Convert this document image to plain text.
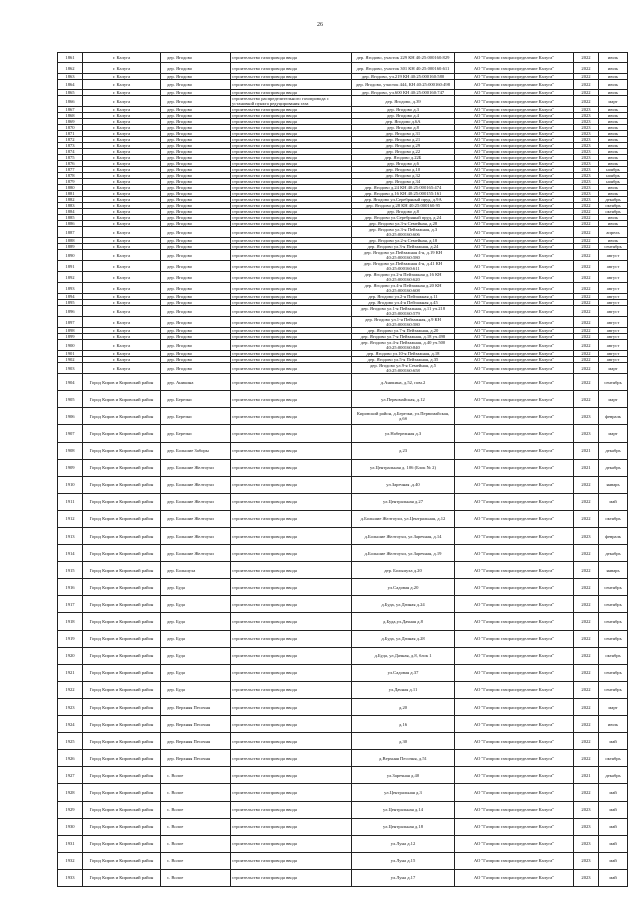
26
1861	г. Калуга	дер. Ягодово	строительство газопровода ввода	дер. Ягодово, участок 229 КН 40:25:000160:829	АО "Газпром газораспределение Калуга"	2022	июль
1862	г. Калуга	дер. Ягодово	строительство газопровода ввода	дер. Ягодово, участок 301 КН 40:25:000160:611	АО "Газпром газораспределение Калуга"	2022	июль
1863	г. Калуга	дер. Ягодово	строительство газопровода ввода	дер. Ягодово, уч.219 КН 40:25:000160:580	АО "Газпром газораспределение Калуга"	2022	июль
1864	г. Калуга	дер. Ягодово	строительство газопровода ввода	дер. Ягодово, участок 444, КН 40:25:000160:498	АО "Газпром газораспределение Калуга"	2022	июль
1865	г. Калуга	дер. Ягодово	строительство газопровода ввода	дер. Ягодово, уч.600 КН 40:25:000160:747	АО "Газпром газораспределение Калуга"	2022	июль
1866	г. Калуга	дер. Ягодово	строительство распределительного газопровода с установкой пункта редуцирования газа	дер. Ягодово, д.39	АО "Газпром газораспределение Калуга"	2022	март
1867	г. Калуга	дер. Ягодово	строительство газопровода ввода	дер. Ягодово д.3	АО "Газпром газораспределение Калуга"	2023	июль
1868	г. Калуга	дер. Ягодово	строительство газопровода ввода	дер. Ягодово д.4	АО "Газпром газораспределение Калуга"	2023	июль
1869	г. Калуга	дер. Ягодово	строительство газопровода ввода	дер. Ягодово д.6А	АО "Газпром газораспределение Калуга"	2023	июль
1870	г. Калуга	дер. Ягодово	строительство газопровода ввода	дер. Ягодово д.8	АО "Газпром газораспределение Калуга"	2023	июль
1871	г. Калуга	дер. Ягодово	строительство газопровода ввода	дер. Ягодово д.31	АО "Газпром газораспределение Калуга"	2023	июль
1872	г. Калуга	дер. Ягодово	строительство газопровода ввода	дер. Ягодово д.21	АО "Газпром газораспределение Калуга"	2023	июль
1873	г. Калуга	дер. Ягодово	строительство газопровода ввода	дер. Ягодово д.29	АО "Газпром газораспределение Калуга"	2023	июль
1874	г. Калуга	дер. Ягодово	строительство газопровода ввода	дер. Ягодово д.22	АО "Газпром газораспределение Калуга"	2023	июль
1875	г. Калуга	дер. Ягодово	строительство газопровода ввода	дер. Ягодово д.22Б	АО "Газпром газораспределение Калуга"	2023	июль
1876	г. Калуга	дер. Ягодово	строительство газопровода ввода	дер. Ягодово д.6	АО "Газпром газораспределение Калуга"	2023	июль
1877	г. Калуга	дер. Ягодово	строительство газопровода ввода	дер. Ягодово д.10	АО "Газпром газораспределение Калуга"	2023	ноябрь
1878	г. Калуга	дер. Ягодово	строительство газопровода ввода	дер. Ягодово д.32	АО "Газпром газораспределение Калуга"	2023	ноябрь
1879	г. Калуга	дер. Ягодово	строительство газопровода ввода	дер. Ягодово д.34	АО "Газпром газораспределение Калуга"	2023	ноябрь
1880	г. Калуга	дер. Ягодово	строительство газопровода ввода	дер. Ягодово д.24 КН 40:25:000165:474	АО "Газпром газораспределение Калуга"	2023	июль
1881	г. Калуга	дер. Ягодово	строительство газопровода ввода	дер. Ягодово д.16 КН 40:25:000155:161	АО "Газпром газораспределение Калуга"	2023	июль
1882	г. Калуга	дер. Ягодово	строительство газопровода ввода	дер. Ягодово ул.Серебряный пруд, д.9А	АО "Газпром газораспределение Калуга"	2023	декабрь
1883	г. Калуга	дер. Ягодово	строительство газопровода ввода	дер. Ягодово д.28 КН 40:25:000160:95	АО "Газпром газораспределение Калуга"	2022	октябрь
1884	г. Калуга	дер. Ягодово	строительство газопровода ввода	дер. Ягодово д.8	АО "Газпром газораспределение Калуга"	2022	октябрь
1885	г. Калуга	дер. Ягодово	строительство газопровода ввода	дер. Ягодово ул.Серебряный пруд, д.24	АО "Газпром газораспределение Калуга"	2022	июль
1886	г. Калуга	дер. Ягодово	строительство газопровода ввода	дер. Ягодово ул.3-я Семейная, д.28	АО "Газпром газораспределение Калуга"	2022	июль
1887	г. Калуга	дер. Ягодово	строительство газопровода ввода	дер. Ягодово ул.3-я Пейзажная, д.3 40:25:000160:606	АО "Газпром газораспределение Калуга"	2022	апрель
1888	г. Калуга	дер. Ягодово	строительство газопровода ввода	дер. Ягодово ул.2-я Семейная, д.18	АО "Газпром газораспределение Калуга"	2022	июль
1889	г. Калуга	дер. Ягодово	строительство газопровода ввода	дер. Ягодово ул.3-я Пейзажная, д.24	АО "Газпром газораспределение Калуга"	2022	сентябрь
1890	г. Калуга	дер. Ягодово	строительство газопровода ввода	дер. Ягодово ул.Пейзажная 4-я, д.19 КН 40:25:000160:580	АО "Газпром газораспределение Калуга"	2022	август
1891	г. Калуга	дер. Ягодово	строительство газопровода ввода	дер. Ягодово ул.Пейзажная 4-я, д.41 КН 40:25:000160:611	АО "Газпром газораспределение Калуга"	2022	август
1892	г. Калуга	дер. Ягодово	строительство газопровода ввода	дер. Ягодово ул.2-я Пейзажная д.16 КН 40:25:000160:620	АО "Газпром газораспределение Калуга"	2022	август
1893	г. Калуга	дер. Ягодово	строительство газопровода ввода	дер. Ягодово ул.4-я Пейзажная д.20 КН 40:25:000160:608	АО "Газпром газораспределение Калуга"	2022	август
1894	г. Калуга	дер. Ягодово	строительство газопровода ввода	дер. Ягодово ул.2-я Пейзажная д.11	АО "Газпром газораспределение Калуга"	2022	август
1895	г. Калуга	дер. Ягодово	строительство газопровода ввода	дер. Ягодово ул.4-я Пейзажная д.45	АО "Газпром газораспределение Калуга"	2022	август
1896	г. Калуга	дер. Ягодово	строительство газопровода ввода	дер. Ягодово ул.1-я Пейзажная, д.11 уч.218 40:25:000160:579	АО "Газпром газораспределение Калуга"	2022	август
1897	г. Калуга	дер. Ягодово	строительство газопровода ввода	дер. Ягодово ул.1-я Пейзажная, д.9 КН 40:25:000160:580	АО "Газпром газораспределение Калуга"	2022	август
1898	г. Калуга	дер. Ягодово	строительство газопровода ввода	дер. Ягодово ул.7-я Пейзажная, д.20	АО "Газпром газораспределение Калуга"	2022	август
1899	г. Калуга	дер. Ягодово	строительство газопровода ввода	дер. Ягодово ул.7-я Пейзажная, д.18 уч.498	АО "Газпром газораспределение Калуга"	2022	август
1900	г. Калуга	дер. Ягодово	строительство газопровода ввода	дер. Ягодово ул.4-я Пейзажная, д.40 уч.500 40:25:000160:840	АО "Газпром газораспределение Калуга"	2022	август
1901	г. Калуга	дер. Ягодово	строительство газопровода ввода	дер. Ягодово ул.10-я Пейзажная, д.18	АО "Газпром газораспределение Калуга"	2022	август
1902	г. Калуга	дер. Ягодово	строительство газопровода ввода	дер. Ягодово ул.5-я Пейзажная, д.35	АО "Газпром газораспределение Калуга"	2022	август
1903	г. Калуга	дер. Ягодово	строительство газопровода ввода	дер. Ягодово ул.9-я Семейная, д.5 40:25:000160:658	АО "Газпром газораспределение Калуга"	2022	март
1904	Город Киров и Кировский район	дер. Аникина	строительство газопровода ввода	д.Аникина, д.52, пом.2	АО "Газпром газораспределение Калуга"	2022	сентябрь
1905	Город Киров и Кировский район	дер. Березки	строительство газопровода ввода	ул.Первомайская, д.12	АО "Газпром газораспределение Калуга"	2022	март
1906	Город Киров и Кировский район	дер. Березки	строительство газопровода ввода	Кировский район, д.Березки, ул.Первомайская, д.6б	АО "Газпром газораспределение Калуга"	2023	февраль
1907	Город Киров и Кировский район	дер. Березки	строительство газопровода ввода	ул.Набережная д.3	АО "Газпром газораспределение Калуга"	2023	март
1908	Город Киров и Кировский район	дер. Большие Забоpы	строительство газопровода ввода	д.23	АО "Газпром газораспределение Калуга"	2021	декабрь
1909	Город Киров и Кировский район	дер. Большие Желтоухи	строительство газопровода ввода	ул.Центральная д. 106 (Блок № 2)	АО "Газпром газораспределение Калуга"	2021	декабрь
1910	Город Киров и Кировский район	дер. Большие Желтоухи	строительство газопровода ввода	ул.Заречная ,д.40	АО "Газпром газораспределение Калуга"	2022	январь
1911	Город Киров и Кировский район	дер. Большие Желтоухи	строительство газопровода ввода	ул.Центральная д.27	АО "Газпром газораспределение Калуга"	2022	май
1912	Город Киров и Кировский район	дер. Большие Желтоухи	строительство газопровода ввода	д.Большие Желтоухи, ул.Центральная, д.12	АО "Газпром газораспределение Калуга"	2022	октябрь
1913	Город Киров и Кировский район	дер. Большие Желтоухи	строительство газопровода ввода	д.Большие Желтоухи, ул.Заречная, д.14	АО "Газпром газораспределение Калуга"	2023	февраль
1914	Город Киров и Кировский район	дер. Большие Желтоухи	строительство газопровода ввода	д.Большие Желтоухи, ул.Заречная, д.19	АО "Газпром газораспределение Калуга"	2022	декабрь
1915	Город Киров и Кировский район	дер. Большуха	строительство газопровода ввода	дер. Большуха д.20	АО "Газпром газораспределение Калуга"	2022	январь
1916	Город Киров и Кировский район	дер. Буда	строительство газопровода ввода	ул.Садовая д.20	АО "Газпром газораспределение Калуга"	2022	сентябрь
1917	Город Киров и Кировский район	дер. Буда	строительство газопровода ввода	д.Буда, ул.Дачная д.24	АО "Газпром газораспределение Калуга"	2022	сентябрь
1918	Город Киров и Кировский район	дер. Буда	строительство газопровода ввода	д.Буда,ул.Дачная д.8	АО "Газпром газораспределение Калуга"	2022	сентябрь
1919	Город Киров и Кировский район	дер. Буда	строительство газопровода ввода	д.Буда, ул.Дачная д.28	АО "Газпром газораспределение Калуга"	2022	сентябрь
1920	Город Киров и Кировский район	дер. Буда	строительство газопровода ввода	д.Буда, ул.Дачная, д.8, блок 1	АО "Газпром газораспределение Калуга"	2022	октябрь
1921	Город Киров и Кировский район	дер. Буда	строительство газопровода ввода	ул.Садовая д.37	АО "Газпром газораспределение Калуга"	2022	сентябрь
1922	Город Киров и Кировский район	дер. Буда	строительство газопровода ввода	ул.Дачная д.11	АО "Газпром газораспределение Калуга"	2022	сентябрь
1923	Город Киров и Кировский район	дер. Верхняя Песочня	строительство газопровода ввода	д.20	АО "Газпром газораспределение Калуга"	2022	март
1924	Город Киров и Кировский район	дер. Верхняя Песочня	строительство газопровода ввода	д.16	АО "Газпром газораспределение Калуга"	2022	июль
1925	Город Киров и Кировский район	дер. Верхняя Песочня	строительство газопровода ввода	д.30	АО "Газпром газораспределение Калуга"	2022	май
1926	Город Киров и Кировский район	дер. Верхняя Песочня	строительство газопровода ввода	д.Верхняя Песочня, д.51	АО "Газпром газораспределение Калуга"	2022	октябрь
1927	Город Киров и Кировский район	с. Волое	строительство газопровода ввода	ул.Заречная д.40	АО "Газпром газораспределение Калуга"	2021	декабрь
1928	Город Киров и Кировский район	с. Волое	строительство газопровода ввода	ул.Центральная д.3	АО "Газпром газораспределение Калуга"	2022	май
1929	Город Киров и Кировский район	с. Волое	строительство газопровода ввода	ул.Центральная д.14	АО "Газпром газораспределение Калуга"	2023	май
1930	Город Киров и Кировский район	с. Волое	строительство газопровода ввода	ул.Центральная д.18	АО "Газпром газораспределение Калуга"	2023	май
1931	Город Киров и Кировский район	с. Волое	строительство газопровода ввода	ул.Луна д.12	АО "Газпром газораспределение Калуга"	2023	май
1932	Город Киров и Кировский район	с. Волое	строительство газопровода ввода	ул.Луна д.15	АО "Газпром газораспределение Калуга"	2023	май
1933	Город Киров и Кировский район	с. Волое	строительство газопровода ввода	ул.Луна д.17	АО "Газпром газораспределение Калуга"	2023	май
